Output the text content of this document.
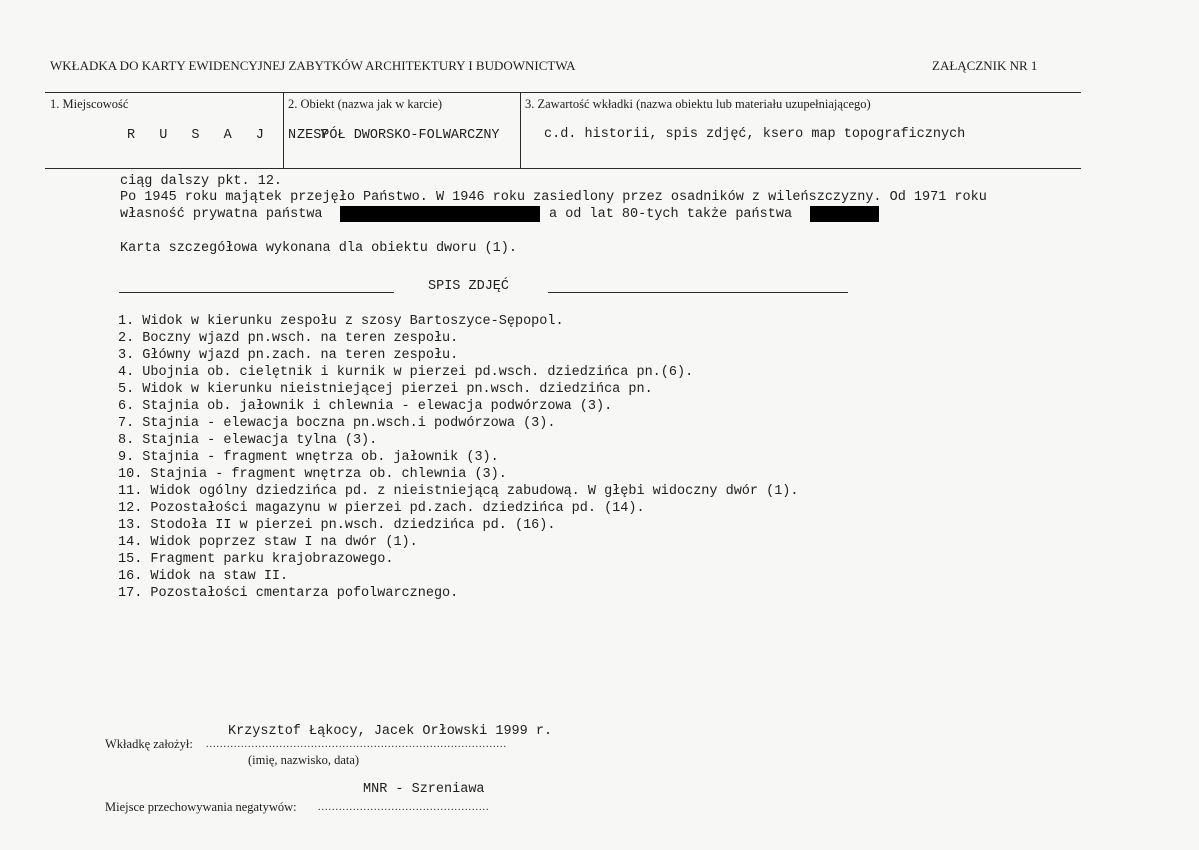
WKŁADKA DO KARTY EWIDENCYJNEJ ZABYTKÓW ARCHITEKTURY I BUDOWNICTWA	ZAŁĄCZNIK NR 1
1. Miejscowość
R U S A J N Y
2. Obiekt (nazwa jak w karcie)
ZESPÓŁ DWORSKO-FOLWARCZNY
3. Zawartość wkładki (nazwa obiektu lub materiału uzupełniającego)
c.d. historii, spis zdjęć, ksero map topograficznych
ciąg dalszy pkt. 12.
Po 1945 roku majątek przejęło Państwo. W 1946 roku zasiedlony przez osadników z wileńszczyzny. Od 1971 roku
własność prywatna państwa	a od lat 80-tych także państwa
Karta szczegółowa wykonana dla obiektu dworu (1).
SPIS ZDJĘĆ
1. Widok w kierunku zespołu z szosy Bartoszyce-Sępopol.
2. Boczny wjazd pn.wsch. na teren zespołu.
3. Główny wjazd pn.zach. na teren zespołu.
4. Ubojnia ob. cielętnik i kurnik w pierzei pd.wsch. dziedzińca pn.(6).
5. Widok w kierunku nieistniejącej pierzei pn.wsch. dziedzińca pn.
6. Stajnia ob. jałownik i chlewnia - elewacja podwórzowa (3).
7. Stajnia - elewacja boczna pn.wsch.i podwórzowa (3).
8. Stajnia - elewacja tylna (3).
9. Stajnia - fragment wnętrza ob. jałownik (3).
10. Stajnia - fragment wnętrza ob. chlewnia (3).
11. Widok ogólny dziedzińca pd. z nieistniejącą zabudową. W głębi widoczny dwór (1).
12. Pozostałości magazynu w pierzei pd.zach. dziedzińca pd. (14).
13. Stodoła II w pierzei pn.wsch. dziedzińca pd. (16).
14. Widok poprzez staw I na dwór (1).
15. Fragment parku krajobrazowego.
16. Widok na staw II.
17. Pozostałości cmentarza pofolwarcznego.
Krzysztof Łąkocy, Jacek Orłowski 1999 r.
Wkładkę założył: ......................................................................................
(imię, nazwisko, data)
MNR - Szreniawa
Miejsce przechowywania negatywów: .................................................
